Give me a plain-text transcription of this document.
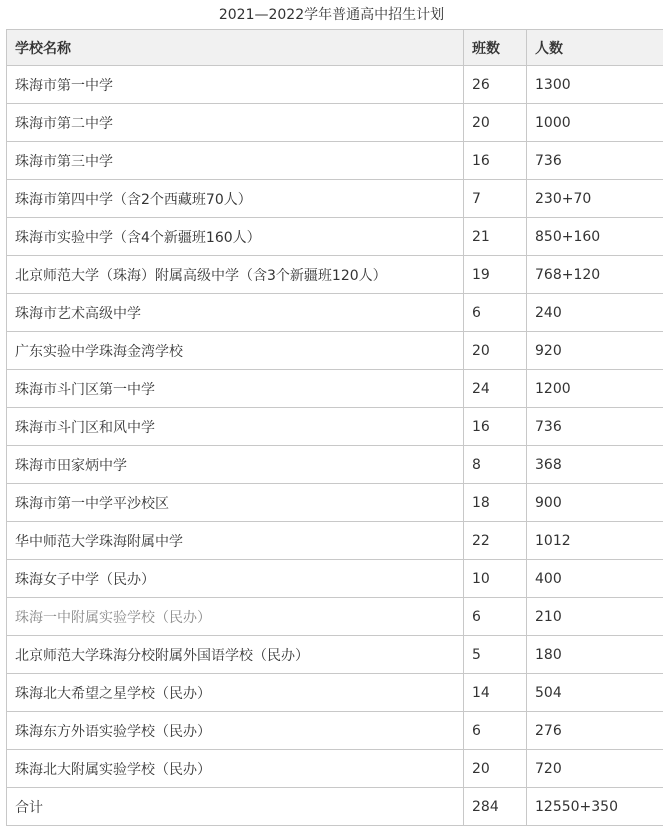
2021—2022学年普通高中招生计划
学校名称	班数	人数
珠海市第一中学	26	1300
珠海市第二中学	20	1000
珠海市第三中学	16	736
珠海市第四中学（含2个西藏班70人）	7	230+70
珠海市实验中学（含4个新疆班160人）	21	850+160
北京师范大学（珠海）附属高级中学（含3个新疆班120人）	19	768+120
珠海市艺术高级中学	6	240
广东实验中学珠海金湾学校	20	920
珠海市斗门区第一中学	24	1200
珠海市斗门区和风中学	16	736
珠海市田家炳中学	8	368
珠海市第一中学平沙校区	18	900
华中师范大学珠海附属中学	22	1012
珠海女子中学（民办）	10	400
珠海一中附属实验学校（民办）	6	210
北京师范大学珠海分校附属外国语学校（民办）	5	180
珠海北大希望之星学校（民办）	14	504
珠海东方外语实验学校（民办）	6	276
珠海北大附属实验学校（民办）	20	720
合计	284	12550+350
